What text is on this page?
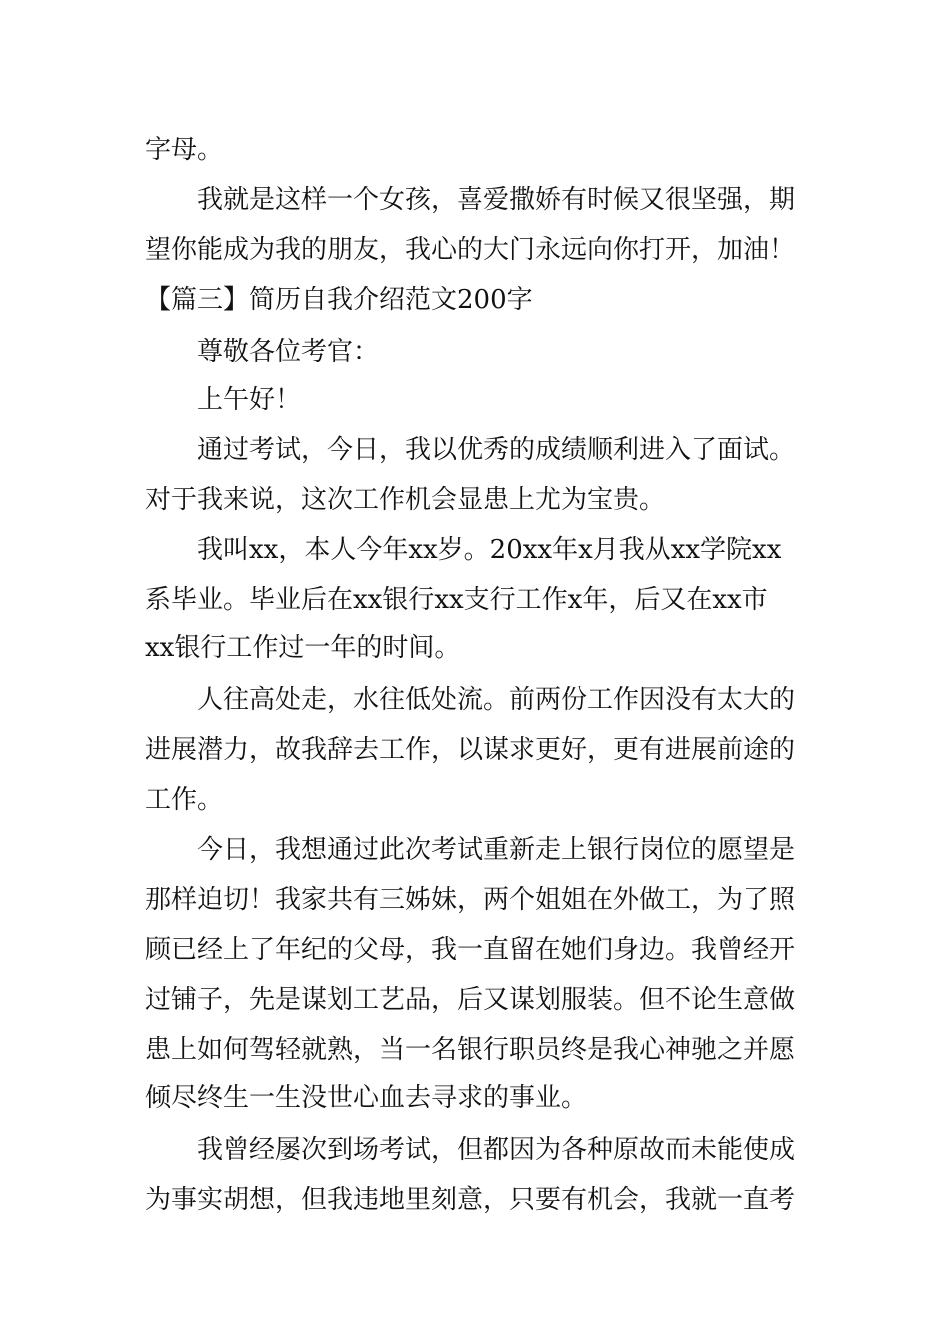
字母。
我就是这样一个女孩，喜爱撒娇有时候又很坚强，期
望你能成为我的朋友，我心的大门永远向你打开，加油！
【篇三】简历自我介绍范文200字
尊敬各位考官：
上午好！
通过考试，今日，我以优秀的成绩顺利进入了面试。
对于我来说，这次工作机会显患上尤为宝贵。
我叫xx，本人今年xx岁。20xx年x月我从xx学院xx
系毕业。毕业后在xx银行xx支行工作x年，后又在xx市
xx银行工作过一年的时间。
人往高处走，水往低处流。前两份工作因没有太大的
进展潜力，故我辞去工作，以谋求更好，更有进展前途的
工作。
今日，我想通过此次考试重新走上银行岗位的愿望是
那样迫切！我家共有三姊妹，两个姐姐在外做工，为了照
顾已经上了年纪的父母，我一直留在她们身边。我曾经开
过铺子，先是谋划工艺品，后又谋划服装。但不论生意做
患上如何驾轻就熟，当一名银行职员终是我心神驰之并愿
倾尽终生一生没世心血去寻求的事业。
我曾经屡次到场考试，但都因为各种原故而未能使成
为事实胡想，但我违地里刻意，只要有机会，我就一直考
